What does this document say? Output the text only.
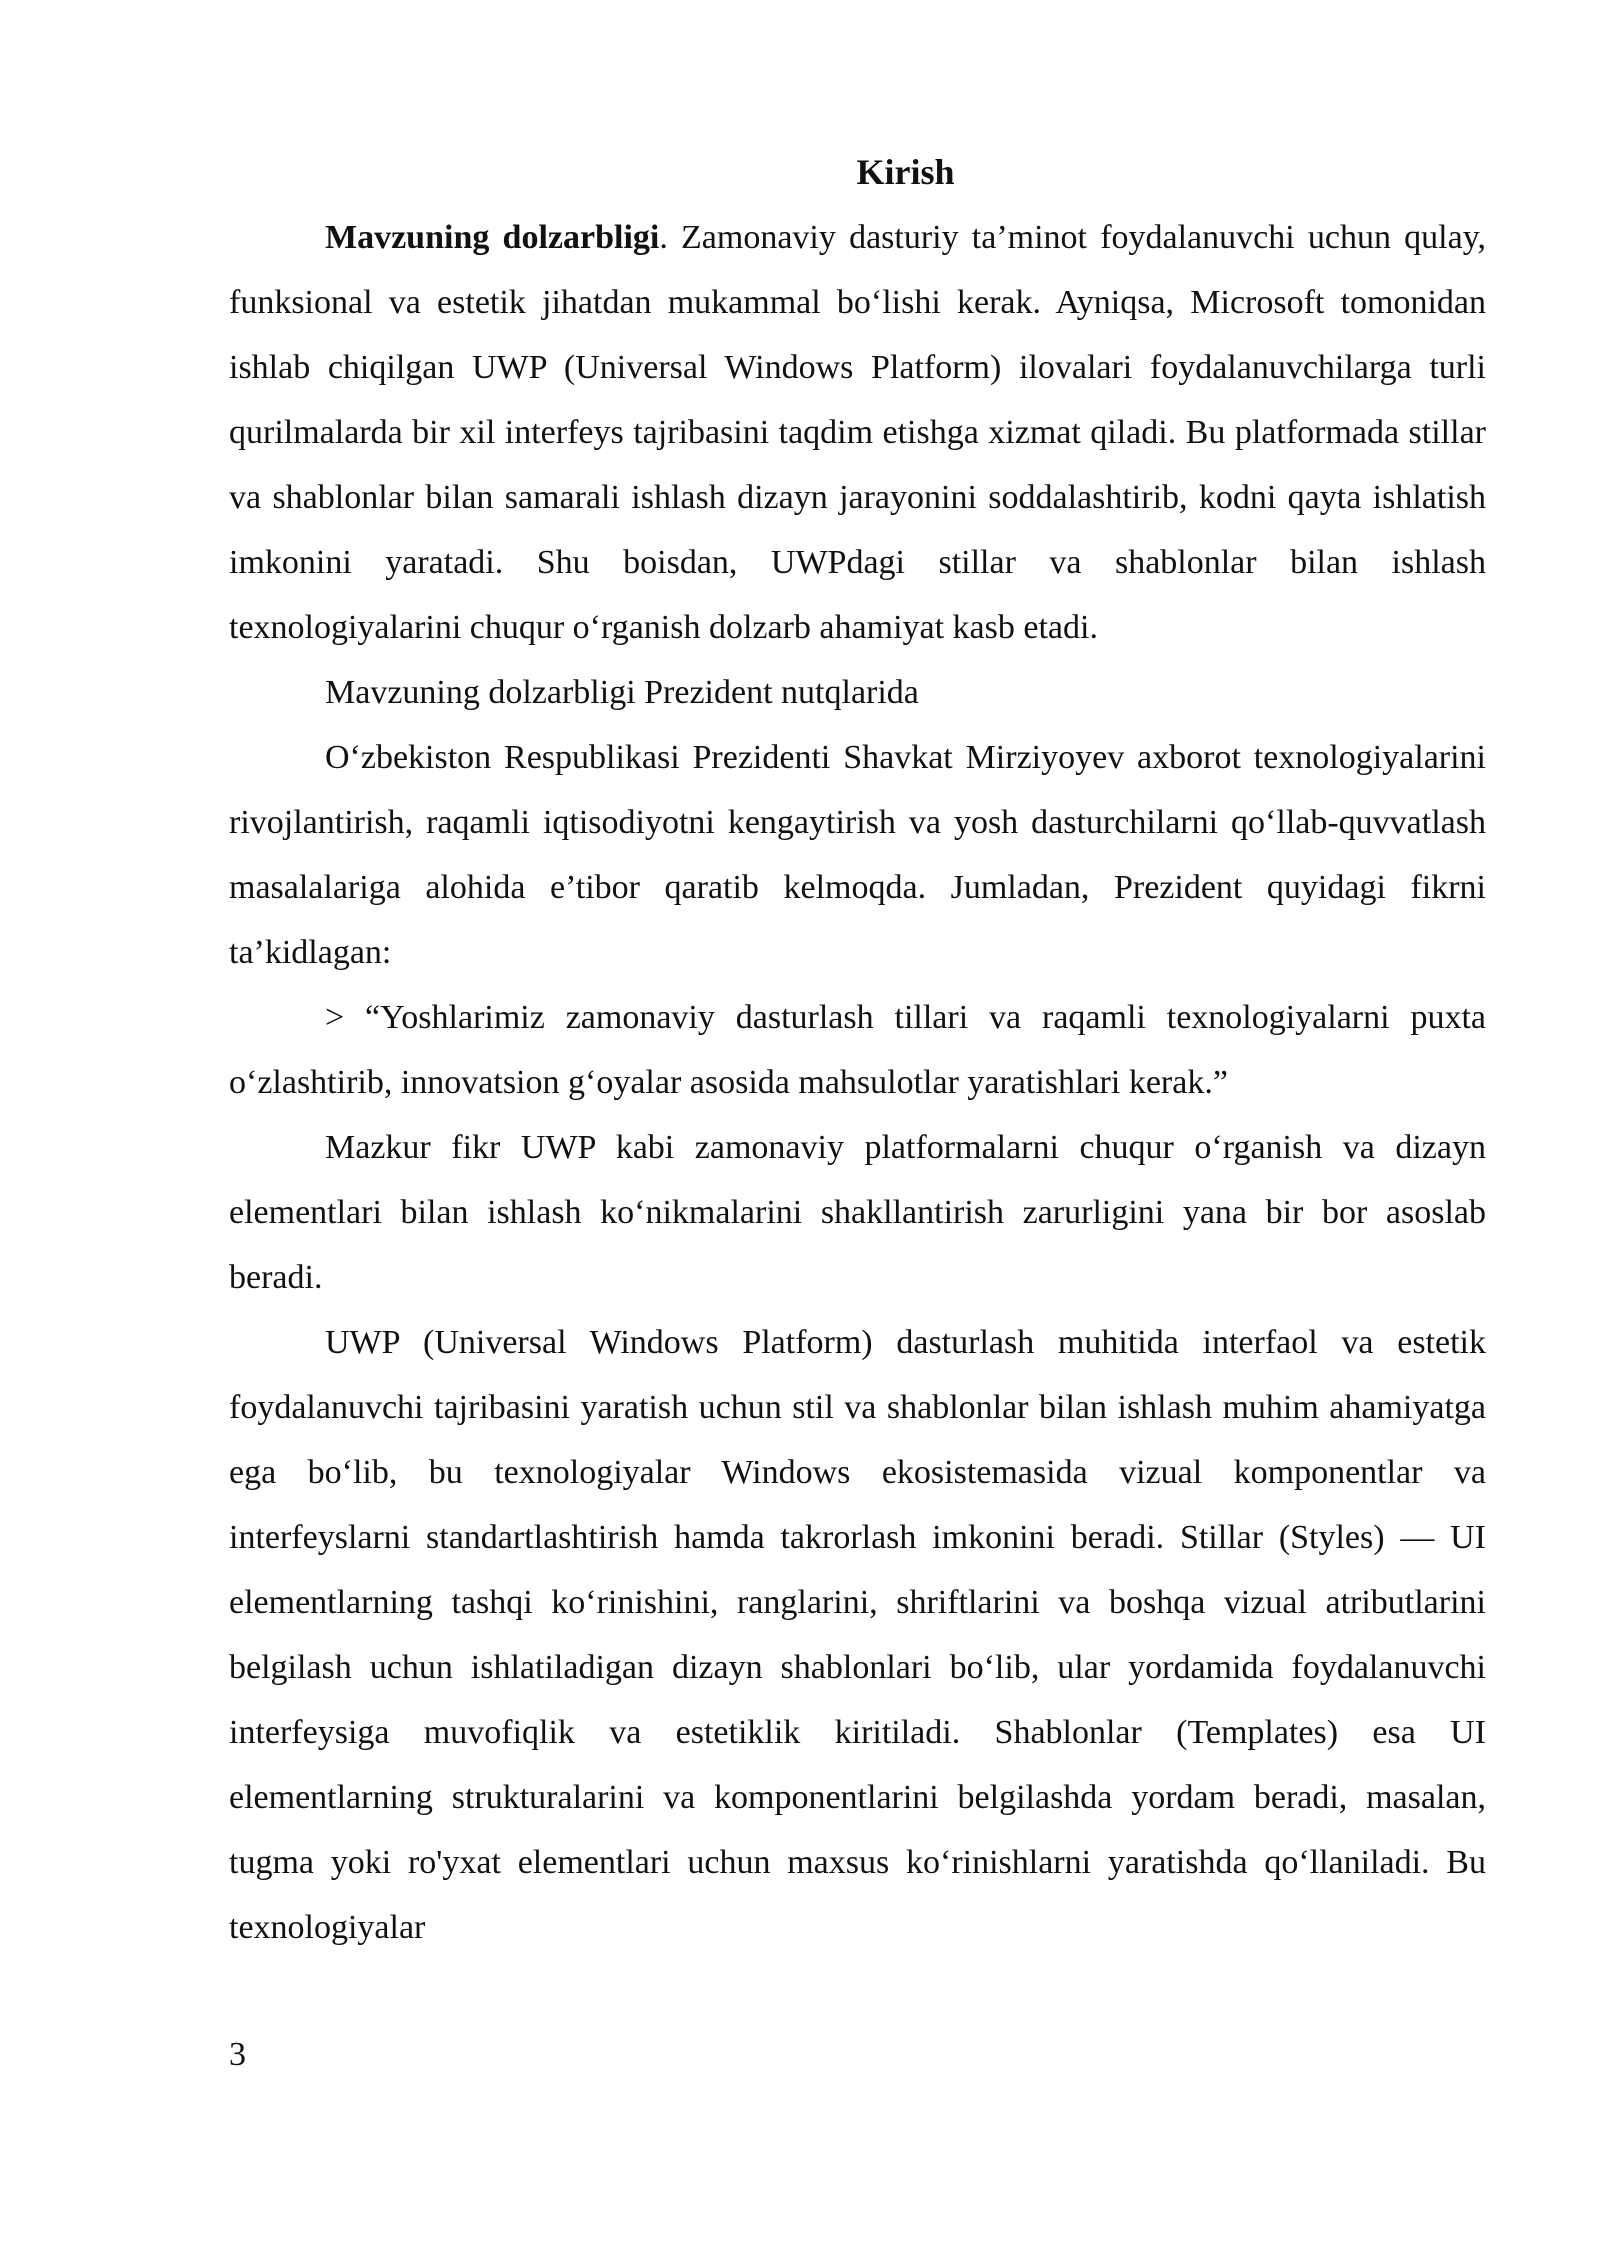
Kirish

Mavzuning dolzarbligi. Zamonaviy dasturiy ta’minot foydalanuvchi uchun qulay, funksional va estetik jihatdan mukammal bo‘lishi kerak. Ayniqsa, Microsoft tomonidan ishlab chiqilgan UWP (Universal Windows Platform) ilovalari foydalanuvchilarga turli qurilmalarda bir xil interfeys tajribasini taqdim etishga xizmat qiladi. Bu platformada stillar va shablonlar bilan samarali ishlash dizayn jarayonini soddalashtirib, kodni qayta ishlatish imkonini yaratadi. Shu boisdan, UWPdagi stillar va shablonlar bilan ishlash texnologiyalarini chuqur o‘rganish dolzarb ahamiyat kasb etadi.

Mavzuning dolzarbligi Prezident nutqlarida

O‘zbekiston Respublikasi Prezidenti Shavkat Mirziyoyev axborot texnologiyalarini rivojlantirish, raqamli iqtisodiyotni kengaytirish va yosh dasturchilarni qo‘llab-quvvatlash masalalariga alohida e’tibor qaratib kelmoqda. Jumladan, Prezident quyidagi fikrni ta’kidlagan:

> “Yoshlarimiz zamonaviy dasturlash tillari va raqamli texnologiyalarni puxta o‘zlashtirib, innovatsion g‘oyalar asosida mahsulotlar yaratishlari kerak.”

Mazkur fikr UWP kabi zamonaviy platformalarni chuqur o‘rganish va dizayn elementlari bilan ishlash ko‘nikmalarini shakllantirish zarurligini yana bir bor asoslab beradi.

UWP (Universal Windows Platform) dasturlash muhitida interfaol va estetik foydalanuvchi tajribasini yaratish uchun stil va shablonlar bilan ishlash muhim ahamiyatga ega bo‘lib, bu texnologiyalar Windows ekosistemasida vizual komponentlar va interfeyslarni standartlashtirish hamda takrorlash imkonini beradi. Stillar (Styles) — UI elementlarning tashqi ko‘rinishini, ranglarini, shriftlarini va boshqa vizual atributlarini belgilash uchun ishlatiladigan dizayn shablonlari bo‘lib, ular yordamida foydalanuvchi interfeysiga muvofiqlik va estetiklik kiritiladi. Shablonlar (Templates) esa UI elementlarning strukturalarini va komponentlarini belgilashda yordam beradi, masalan, tugma yoki ro'yxat elementlari uchun maxsus ko‘rinishlarni yaratishda qo‘llaniladi. Bu texnologiyalar

3
